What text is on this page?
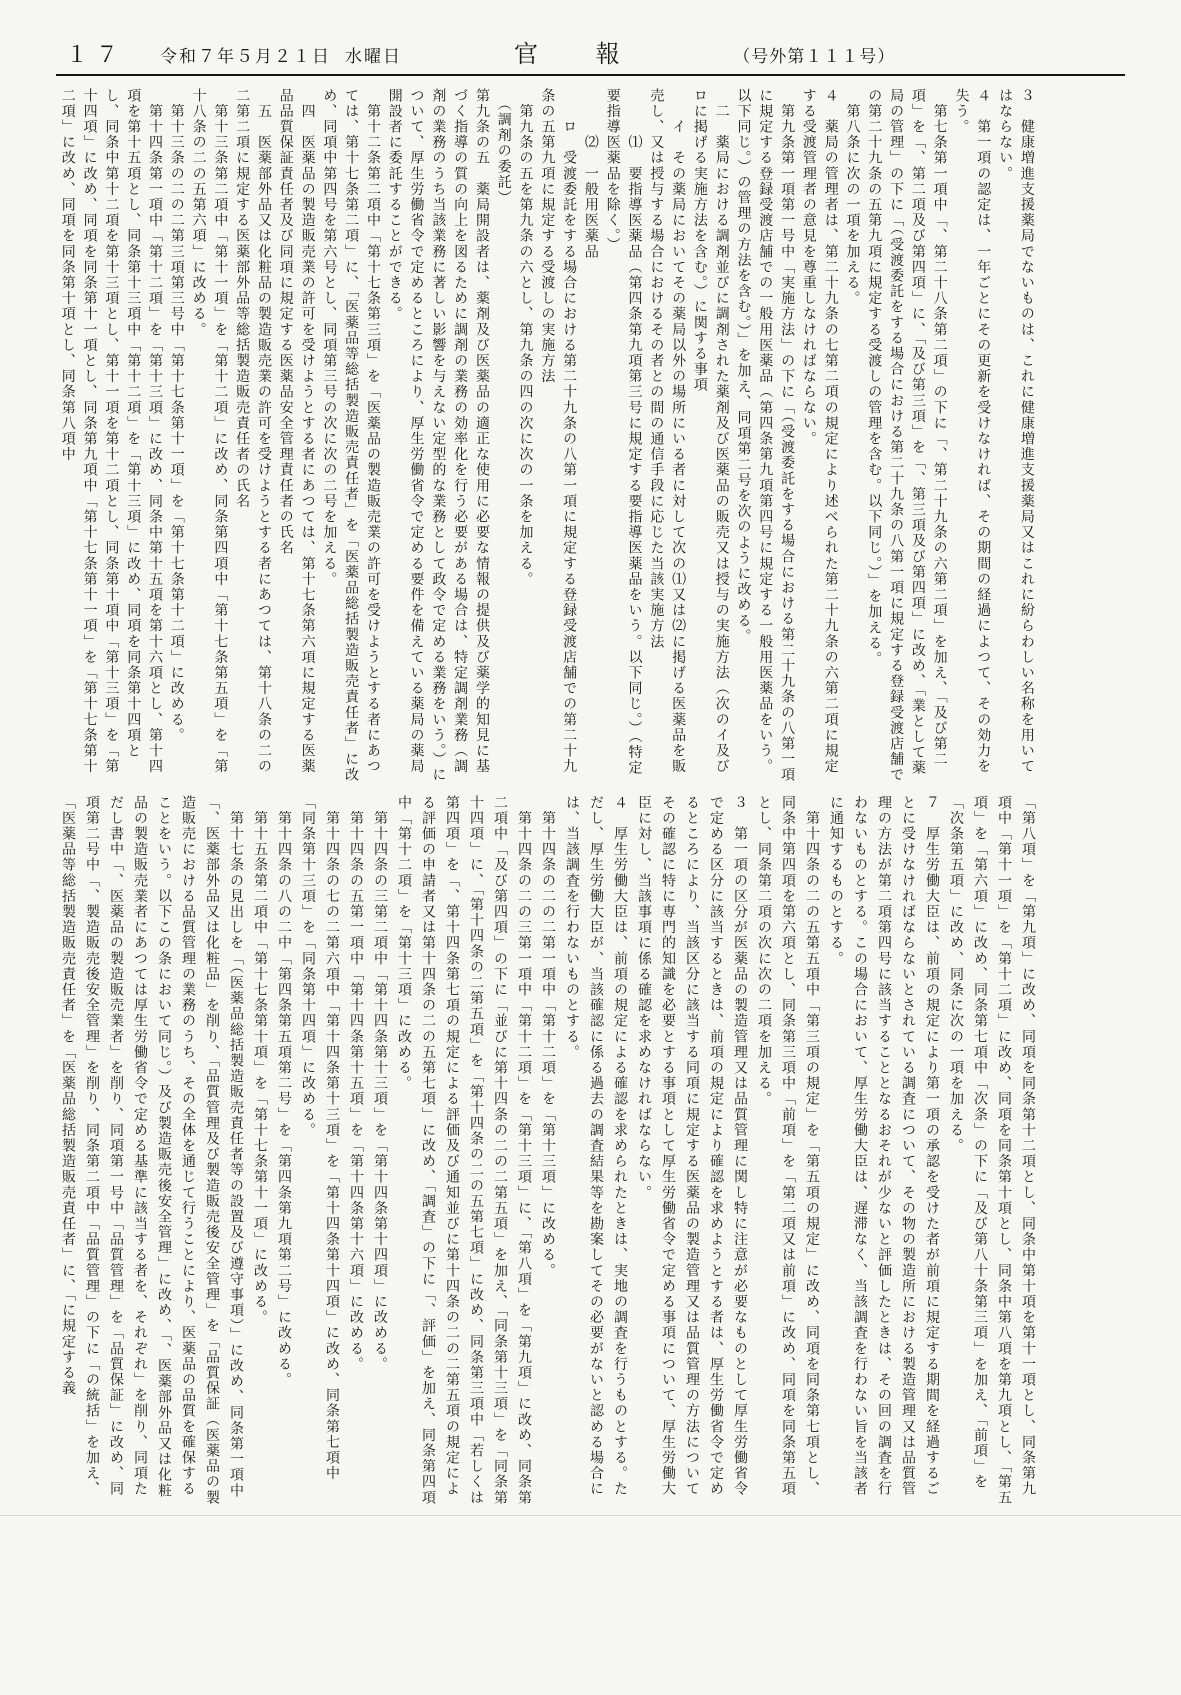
１７ 令和７年５月２１日 水曜日	官報	（号外第１１１号）

３　健康増進支援薬局でないものは、これに健康増進支援薬局又はこれに紛らわしい名称を用いてはならない。

４　第一項の認定は、一年ごとにその更新を受けなければ、その期間の経過によつて、その効力を失う。

　第七条第一項中「、第二十八条第二項」の下に「、第二十九条の六第二項」を加え、「及び第二項」を「、第二項及び第四項」に、「及び第三項」を「、第三項及び第四項」に改め、「業として薬局の管理」の下に「（受渡委託をする場合における第二十九条の八第一項に規定する登録受渡店舗での第二十九条の五第九項に規定する受渡しの管理を含む。以下同じ。）」を加える。

　第八条に次の一項を加える。

４　薬局の管理者は、第二十九条の七第二項の規定により述べられた第二十九条の六第二項に規定する受渡管理者の意見を尊重しなければならない。

　第九条第一項第一号中「実施方法」の下に「（受渡委託をする場合における第二十九条の八第一項に規定する登録受渡店舗での一般用医薬品（第四条第九項第四号に規定する一般用医薬品をいう。以下同じ。）の管理の方法を含む。）」を加え、同項第二号を次のように改める。

　二　薬局における調剤並びに調剤された薬剤及び医薬品の販売又は授与の実施方法（次のイ及びロに掲げる実施方法を含む。）に関する事項

　　イ　その薬局においてその薬局以外の場所にいる者に対して次の⑴又は⑵に掲げる医薬品を販売し、又は授与する場合におけるその者との間の通信手段に応じた当該実施方法

　　　⑴　要指導医薬品（第四条第九項第三号に規定する要指導医薬品をいう。以下同じ。）（特定要指導医薬品を除く。）

　　　⑵　一般用医薬品

　　ロ　受渡委託をする場合における第二十九条の八第一項に規定する登録受渡店舗での第二十九条の五第九項に規定する受渡しの実施方法

　第九条の五を第九条の六とし、第九条の四の次に次の一条を加える。

　（調剤の委託）

第九条の五　薬局開設者は、薬剤及び医薬品の適正な使用に必要な情報の提供及び薬学的知見に基づく指導の質の向上を図るために調剤の業務の効率化を行う必要がある場合は、特定調剤業務（調剤の業務のうち当該業務に著しい影響を与えない定型的な業務として政令で定める業務をいう。）について、厚生労働省令で定めるところにより、厚生労働省令で定める要件を備えている薬局の薬局開設者に委託することができる。

　第十二条第二項中「第十七条第三項」を「医薬品の製造販売業の許可を受けようとする者にあつては、第十七条第二項」に、「医薬品等総括製造販売責任者」を「医薬品総括製造販売責任者」に改め、同項中第四号を第六号とし、同項第三号の次に次の二号を加える。

　四　医薬品の製造販売業の許可を受けようとする者にあつては、第十七条第六項に規定する医薬品品質保証責任者及び同項に規定する医薬品安全管理責任者の氏名

　五　医薬部外品又は化粧品の製造販売業の許可を受けようとする者にあつては、第十八条の二の二第二項に規定する医薬部外品等総括製造販売責任者の氏名

　第十三条第二項中「第十一項」を「第十二項」に改め、同条第四項中「第十七条第五項」を「第十八条の二の五第六項」に改める。

　第十三条の二の二第三項第三号中「第十七条第十一項」を「第十七条第十二項」に改める。

　第十四条第一項中「第十二項」を「第十三項」に改め、同条中第十五項を第十六項とし、第十四項を第十五項とし、同条第十三項中「第十二項」を「第十三項」に改め、同項を同条第十四項とし、同条中第十二項を第十三項とし、第十一項を第十二項とし、同条第十項中「第十三項」を「第十四項」に改め、同項を同条第十一項とし、同条第九項中「第十七条第十一項」を「第十七条第十二項」に改め、同項を同条第十項とし、同条第八項中

「第八項」を「第九項」に改め、同項を同条第十二項とし、同条中第十項を第十一項とし、同条第九項中「第十一項」を「第十二項」に改め、同項を同条第十項とし、同条中第八項を第九項とし、「第五項」を「第六項」に改め、同条第七項中「次条」の下に「及び第八十条第三項」を加え、「前項」を「次条第五項」に改め、同条に次の一項を加える。

７　厚生労働大臣は、前項の規定により第一項の承認を受けた者が前項に規定する期間を経過するごとに受けなければならないとされている調査について、その物の製造所における製造管理又は品質管理の方法が第二項第四号に該当することとなるおそれが少ないと評価したときは、その回の調査を行わないものとする。この場合において、厚生労働大臣は、遅滞なく、当該調査を行わない旨を当該者に通知するものとする。

　第十四条の二の五第五項中「第三項の規定」を「第五項の規定」に改め、同項を同条第七項とし、同条中第四項を第六項とし、同条第三項中「前項」を「第二項又は前項」に改め、同項を同条第五項とし、同条第二項の次に次の二項を加える。

３　第一項の区分が医薬品の製造管理又は品質管理に関し特に注意が必要なものとして厚生労働省令で定める区分に該当するときは、前項の規定により確認を求めようとする者は、厚生労働省令で定めるところにより、当該区分に該当する同項に規定する医薬品の製造管理又は品質管理の方法についてその確認に特に専門的知識を必要とする事項として厚生労働省令で定める事項について、厚生労働大臣に対し、当該事項に係る確認を求めなければならない。

４　厚生労働大臣は、前項の規定による確認を求められたときは、実地の調査を行うものとする。ただし、厚生労働大臣が、当該確認に係る過去の調査結果等を勘案してその必要がないと認める場合には、当該調査を行わないものとする。

　第十四条の二の二第一項中「第十二項」を「第十三項」に改める。

　第十四条の二の三第一項中「第十二項」を「第十三項」に、「第八項」を「第九項」に改め、同条第二項中「及び第四項」の下に「並びに第十四条の二の二第五項」を加え、「同条第十三項」を「同条第十四項」に、「第十四条の二第五項」を「第十四条の二の五第七項」に改め、同条第三項中「若しくは第四項」を「、第十四条第七項の規定による評価及び通知並びに第十四条の二の二第五項の規定による評価の申請者又は第十四条の二の五第七項」に改め、「調査」の下に「、評価」を加え、同条第四項中「第十二項」を「第十三項」に改める。

　第十四条の三第二項中「第十四条第十三項」を「第十四条第十四項」に改める。

　第十四条の五第一項中「第十四条第十五項」を「第十四条第十六項」に改める。

　第十四条の七の二第六項中「第十四条第十三項」を「第十四条第十四項」に改め、同条第七項中「同条第十三項」を「同条第十四項」に改める。

　第十四条の八の二中「第四条第五項第二号」を「第四条第九項第二号」に改める。

　第十五条第二項中「第十七条第十項」を「第十七条第十一項」に改める。

　第十七条の見出しを「（医薬品総括製造販売責任者等の設置及び遵守事項）」に改め、同条第一項中「、医薬部外品又は化粧品」を削り、「品質管理及び製造販売後安全管理」を「品質保証（医薬品の製造販売における品質管理の業務のうち、その全体を通じて行うことにより、医薬品の品質を確保することをいう。以下この条において同じ。）及び製造販売後安全管理」に改め、「、医薬部外品又は化粧品の製造販売業者にあつては厚生労働省令で定める基準に該当する者を、それぞれ」を削り、同項ただし書中「、医薬品の製造販売業者」を削り、同項第一号中「品質管理」を「品質保証」に改め、同項第二号中「、製造販売後安全管理」を削り、同条第二項中「品質管理」の下に「の統括」を加え、「医薬品等総括製造販売責任者」を「医薬品総括製造販売責任者」に、「に規定する義
